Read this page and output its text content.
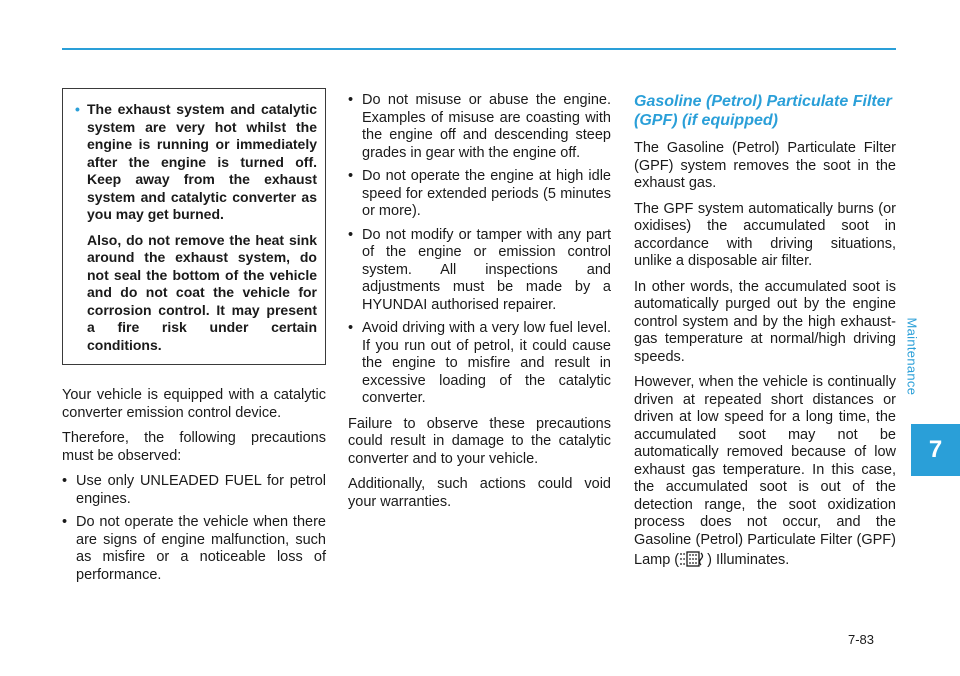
Maintenance
7

• The exhaust system and catalytic system are very hot whilst the engine is running or immediately after the engine is turned off. Keep away from the exhaust system and catalytic converter as you may get burned.

Also, do not remove the heat sink around the exhaust system, do not seal the bottom of the vehicle and do not coat the vehicle for corrosion control. It may present a fire risk under certain conditions.

Your vehicle is equipped with a catalytic converter emission control device.

Therefore, the following precautions must be observed:

• Use only UNLEADED FUEL for petrol engines.
• Do not operate the vehicle when there are signs of engine malfunction, such as misfire or a noticeable loss of performance.
• Do not misuse or abuse the engine. Examples of misuse are coasting with the engine off and descending steep grades in gear with the engine off.
• Do not operate the engine at high idle speed for extended periods (5 minutes or more).
• Do not modify or tamper with any part of the engine or emission control system. All inspections and adjustments must be made by a HYUNDAI authorised repairer.
• Avoid driving with a very low fuel level. If you run out of petrol, it could cause the engine to misfire and result in excessive loading of the catalytic converter.

Failure to observe these precautions could result in damage to the catalytic converter and to your vehicle.

Additionally, such actions could void your warranties.

Gasoline (Petrol) Particulate Filter (GPF) (if equipped)

The Gasoline (Petrol) Particulate Filter (GPF) system removes the soot in the exhaust gas.

The GPF system automatically burns (or oxidises) the accumulated soot in accordance with driving situations, unlike a disposable air filter.

In other words, the accumulated soot is automatically purged out by the engine control system and by the high exhaust-gas temperature at normal/high driving speeds.

However, when the vehicle is continually driven at repeated short distances or driven at low speed for a long time, the accumulated soot may not be automatically removed because of low exhaust gas temperature. In this case, the accumulated soot is out of the detection range, the soot oxidization process does not occur, and the Gasoline (Petrol) Particulate Filter (GPF) Lamp ( ) Illuminates.

7-83
